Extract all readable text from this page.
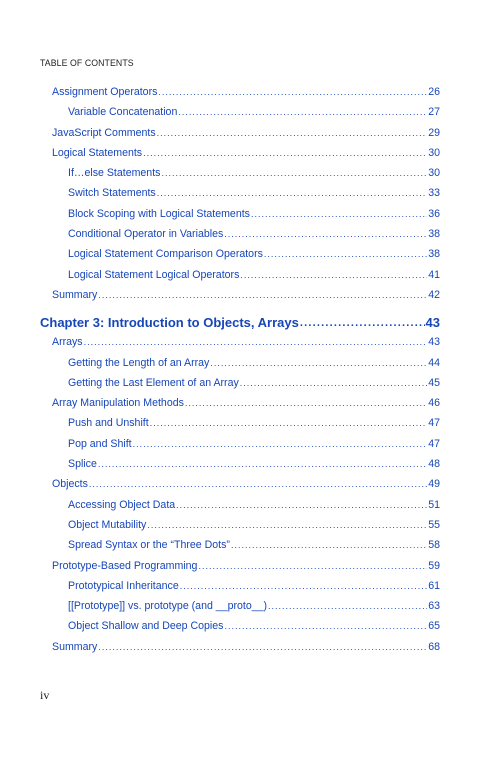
TABLE OF CONTENTS
Assignment Operators .....	26
Variable Concatenation .....	27
JavaScript Comments .....	29
Logical Statements .....	30
If…else Statements .....	30
Switch Statements .....	33
Block Scoping with Logical Statements .....	36
Conditional Operator in Variables .....	38
Logical Statement Comparison Operators .....	38
Logical Statement Logical Operators .....	41
Summary .....	42
Chapter 3: Introduction to Objects, Arrays .....	43
Arrays .....	43
Getting the Length of an Array .....	44
Getting the Last Element of an Array .....	45
Array Manipulation Methods .....	46
Push and Unshift .....	47
Pop and Shift .....	47
Splice .....	48
Objects .....	49
Accessing Object Data .....	51
Object Mutability .....	55
Spread Syntax or the “Three Dots” .....	58
Prototype-Based Programming .....	59
Prototypical Inheritance .....	61
[[Prototype]] vs. prototype (and __proto__) .....	63
Object Shallow and Deep Copies .....	65
Summary .....	68
iv
